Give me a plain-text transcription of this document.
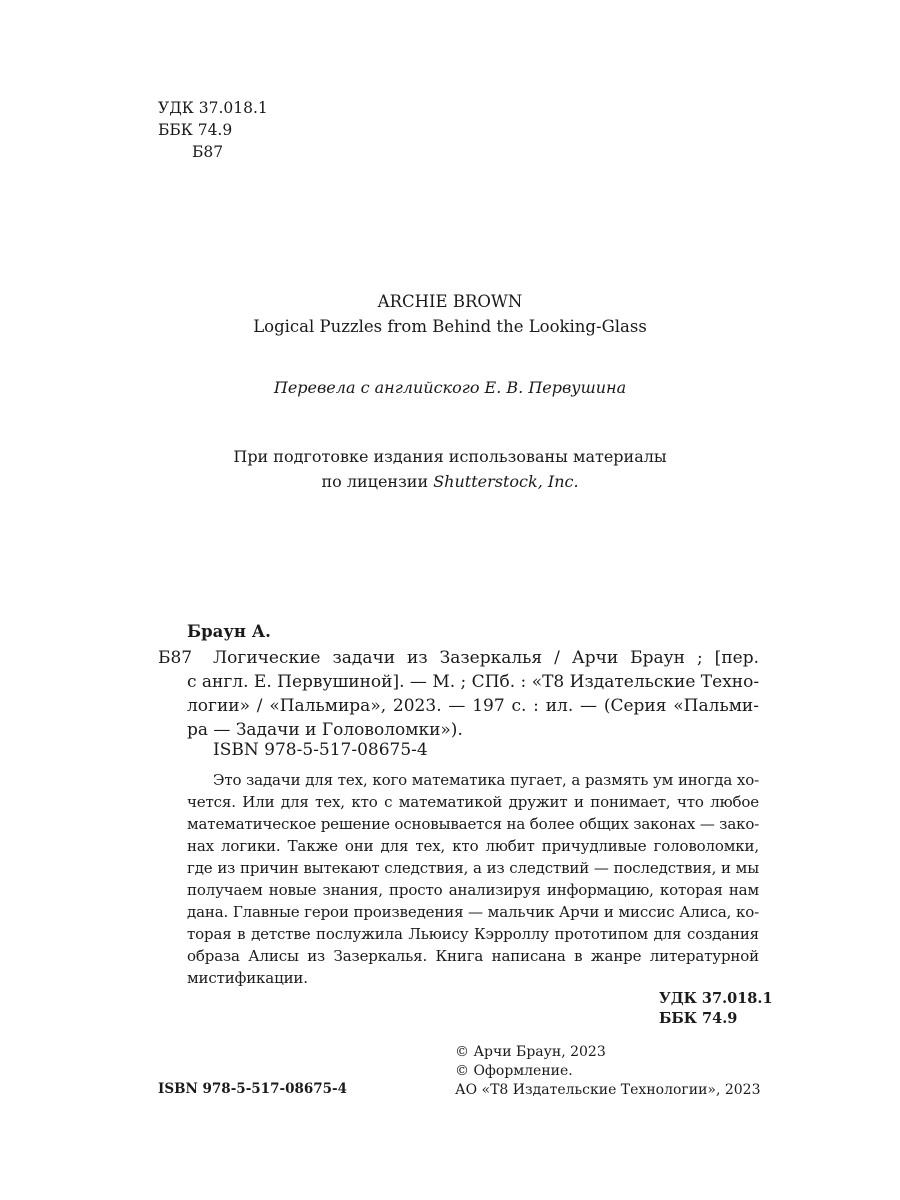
УДК 37.018.1
ББК 74.9
Б87
ARCHIE BROWN
Logical Puzzles from Behind the Looking-Glass
Перевела с английского Е. В. Первушина
При подготовке издания использованы материалы
по лицензии Shutterstock, Inc.
Браун А.
Б87	Логические задачи из Зазеркалья / Арчи Браун ; [пер.
с англ. Е. Первушиной]. — М. ; СПб. : «Т8 Издательские Техно-
логии» / «Пальмира», 2023. — 197 с. : ил. — (Серия «Пальми-
ра — Задачи и Головоломки»).
ISBN 978-5-517-08675-4
Это задачи для тех, кого математика пугает, а размять ум иногда хо-
чется. Или для тех, кто с математикой дружит и понимает, что любое
математическое решение основывается на более общих законах — зако-
нах логики. Также они для тех, кто любит причудливые головоломки,
где из причин вытекают следствия, а из следствий — последствия, и мы
получаем новые знания, просто анализируя информацию, которая нам
дана. Главные герои произведения — мальчик Арчи и миссис Алиса, ко-
торая в детстве послужила Льюису Кэрроллу прототипом для создания
образа Алисы из Зазеркалья. Книга написана в жанре литературной
мистификации.
УДК 37.018.1
ББК 74.9
© Арчи Браун, 2023
© Оформление.
АО «Т8 Издательские Технологии», 2023
ISBN 978-5-517-08675-4
